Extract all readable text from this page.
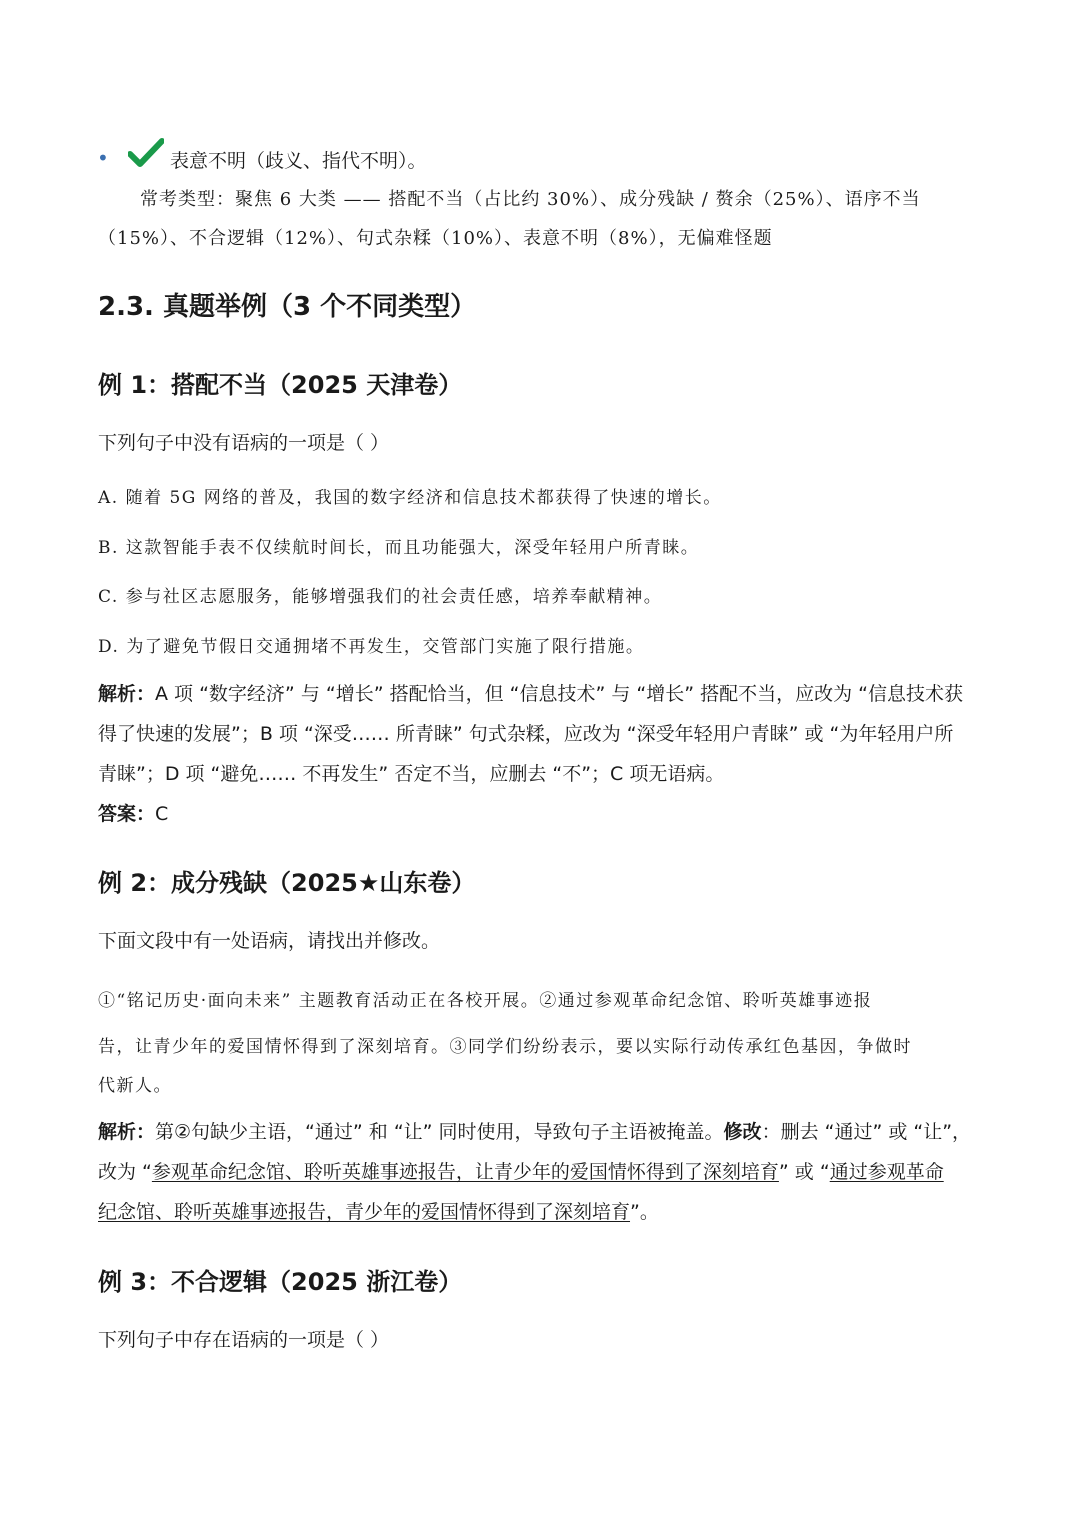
•	表意不明（歧义、指代不明）。
常考类型：聚焦 6 大类 —— 搭配不当（占比约 30%）、成分残缺 / 赘余（25%）、语序不当
（15%）、不合逻辑（12%）、句式杂糅（10%）、表意不明（8%），无偏难怪题
2.3. 真题举例（3 个不同类型）
例 1：搭配不当（2025 天津卷）
下列句子中没有语病的一项是（ ）
A. 随着 5G 网络的普及，我国的数字经济和信息技术都获得了快速的增长。
B. 这款智能手表不仅续航时间长，而且功能强大，深受年轻用户所青睐。
C. 参与社区志愿服务，能够增强我们的社会责任感，培养奉献精神。
D. 为了避免节假日交通拥堵不再发生，交管部门实施了限行措施。
解析：A 项 “数字经济” 与 “增长” 搭配恰当，但 “信息技术” 与 “增长” 搭配不当，应改为 “信息技术获
得了快速的发展”；B 项 “深受…… 所青睐” 句式杂糅，应改为 “深受年轻用户青睐” 或 “为年轻用户所
青睐”；D 项 “避免…… 不再发生” 否定不当，应删去 “不”；C 项无语病。
答案：C
例 2：成分残缺（2025★山东卷）
下面文段中有一处语病，请找出并修改。
①“铭记历史·面向未来” 主题教育活动正在各校开展。②通过参观革命纪念馆、聆听英雄事迹报
告，让青少年的爱国情怀得到了深刻培育。③同学们纷纷表示，要以实际行动传承红色基因，争做时
代新人。
解析：第②句缺少主语，“通过” 和 “让” 同时使用，导致句子主语被掩盖。修改：删去 “通过” 或 “让”，
改为 “参观革命纪念馆、聆听英雄事迹报告，让青少年的爱国情怀得到了深刻培育” 或 “通过参观革命
纪念馆、聆听英雄事迹报告，青少年的爱国情怀得到了深刻培育”。
例 3：不合逻辑（2025 浙江卷）
下列句子中存在语病的一项是（ ）
